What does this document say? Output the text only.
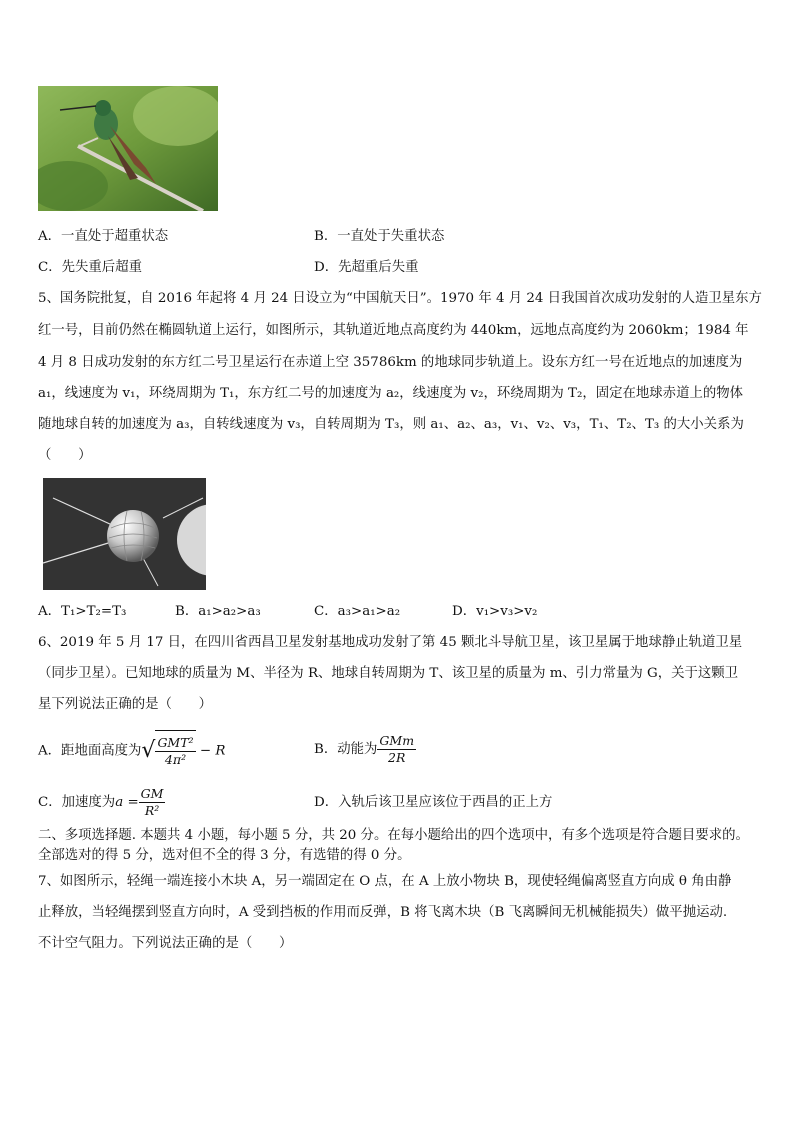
A．一直处于超重状态	B．一直处于失重状态
C．先失重后超重	D．先超重后失重
5、国务院批复，自 2016 年起将 4 月 24 日设立为“中国航天日”。1970 年 4 月 24 日我国首次成功发射的人造卫星东方
红一号，目前仍然在椭圆轨道上运行，如图所示，其轨道近地点高度约为 440km，远地点高度约为 2060km；1984 年
4 月 8 日成功发射的东方红二号卫星运行在赤道上空 35786km 的地球同步轨道上。设东方红一号在近地点的加速度为
a₁，线速度为 v₁，环绕周期为 T₁，东方红二号的加速度为 a₂，线速度为 v₂，环绕周期为 T₂，固定在地球赤道上的物体
随地球自转的加速度为 a₃，自转线速度为 v₃，自转周期为 T₃，则 a₁、a₂、a₃，v₁、v₂、v₃，T₁、T₂、T₃ 的大小关系为
（　　）
A．T₁>T₂=T₃	B．a₁>a₂>a₃	C．a₃>a₁>a₂	D．v₁>v₃>v₂
6、2019 年 5 月 17 日，在四川省西昌卫星发射基地成功发射了第 45 颗北斗导航卫星，该卫星属于地球静止轨道卫星
（同步卫星）。已知地球的质量为 M、半径为 R、地球自转周期为 T、该卫星的质量为 m、引力常量为 G，关于这颗卫
星下列说法正确的是（　　）
A．距地面高度为√ $\frac{\text{GMT²}}{\text{4π²}} - R$	B．动能为 $\frac{\text{GMm}}{2R}$
C．加速度为$a = \frac{GM}{\text{R²}}$	D．入轨后该卫星应该位于西昌的正上方
二、多项选择题. 本题共 4 小题，每小题 5 分，共 20 分。在每小题给出的四个选项中，有多个选项是符合题目要求的。
全部选对的得 5 分，选对但不全的得 3 分，有选错的得 0 分。
7、如图所示，轻绳一端连接小木块 A，另一端固定在 O 点，在 A 上放小物块 B，现使轻绳偏离竖直方向成 θ 角由静
止释放，当轻绳摆到竖直方向时，A 受到挡板的作用而反弹，B 将飞离木块（B 飞离瞬间无机械能损失）做平抛运动.
不计空气阻力。下列说法正确的是（　　）
